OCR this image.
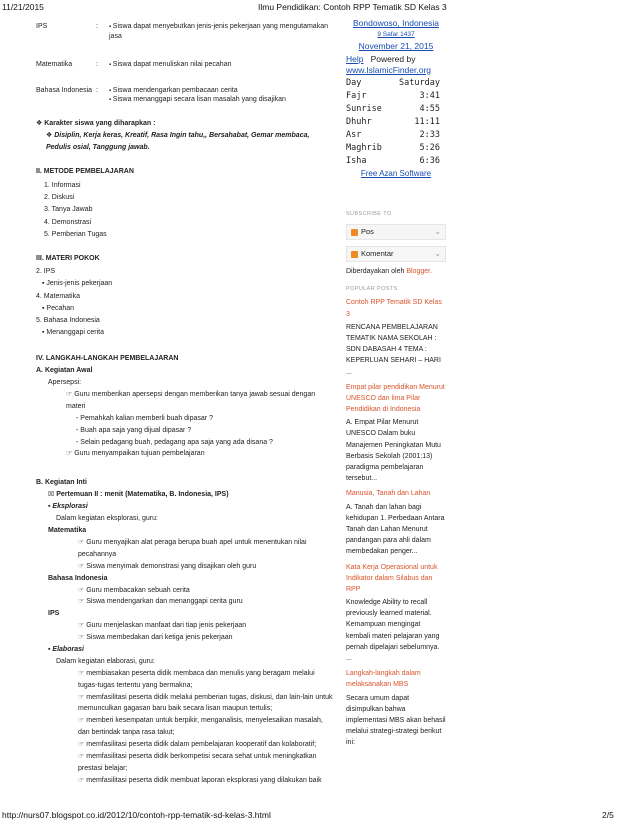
11/21/2015	Ilmu Pendidikan: Contoh RPP Tematik SD Kelas 3
IPS	:	▪ Siswa dapat menyebutkan jenis-jenis pekerjaan yang mengutamakan jasa
Matematika	:	▪ Siswa dapat menuliskan nilai pecahan
Bahasa Indonesia :	▪ Siswa mendengarkan pembacaan cerita
▪ Siswa menanggapi secara lisan masalah yang disajikan
❖ Karakter siswa yang diharapkan :
❖ Disiplin, Kerja keras, Kreatif, Rasa Ingin tahu,, Bersahabat, Gemar membaca, Pedulis osial, Tanggung jawab.
II. METODE PEMBELAJARAN
1. Informasi
2. Diskusi
3. Tanya Jawab
4. Demonstrasi
5. Pemberian Tugas
III. MATERI POKOK
2. IPS
▪ Jenis-jenis pekerjaan
4. Matematika
▪ Pecahan
5. Bahasa Indonesia
▪ Menanggapi cerita
IV. LANGKAH-LANGKAH PEMBELAJARAN
A. Kegiatan Awal
Apersepsi:
☞ Guru memberikan apersepsi dengan memberikan tanya jawab sesuai dengan materi
- Pemahkah kalian memberli buah dipasar ?
- Buah apa saja yang dijual dipasar ?
- Selain pedagang buah, pedagang apa saja yang ada disana ?
☞ Guru menyampaikan tujuan pembelajaran
B. Kegiatan Inti
☒ Pertemuan II : menit (Matematika, B. Indonesia, IPS)
▪ Eksplorasi
Dalam kegiatan eksplorasi, guru:
Matematika
☞ Guru menyajikan alat peraga berupa buah apel untuk menentukan nilai pecahannya
☞ Siswa menyimak demonstrasi yang disajikan oleh guru
Bahasa Indonesia
☞ Guru membacakan sebuah cerita
☞ Siswa mendengarkan dan menanggapi cerita guru
IPS
☞ Guru menjelaskan manfaat dari tiap jenis pekerjaan
☞ Siswa membedakan dari ketiga jenis pekerjaan
▪ Elaborasi
Dalam kegiatan elaborasi, guru:
☞ membiasakan peserta didik membaca dan menulis yang beragam melalui tugas-tugas tertentu yang bermakna;
☞ memfasilitasi peserta didik melalui pemberian tugas, diskusi, dan lain-lain untuk memunculkan gagasan baru baik secara lisan maupun tertulis;
☞ memberi kesempatan untuk berpikir, menganalisis, menyelesaikan masalah, dan bertindak tanpa rasa takut;
☞ memfasilitasi peserta didik dalam pembelajaran kooperatif dan kolaboratif;
☞ memfasilitasi peserta didik berkompetisi secara sehat untuk meningkatkan prestasi belajar;
☞ memfasilitasi peserta didik membuat laporan eksplorasi yang dilakukan baik
Bondowoso, Indonesia
9 Safar 1437
November 21, 2015
Help Powered by
www.IslamicFinder.org
Day	Saturday
Fajr	3:41
Sunrise	4:55
Dhuhr	11:11
Asr	2:33
Maghrib	5:26
Isha	6:36
Free Azan Software
SUBSCRIBE TO
Pos	⌄
Komentar	⌄
Diberdayakan oleh Blogger.
POPULAR POSTS
Contoh RPP Tematik SD Kelas 3
RENCANA PEMBELAJARAN TEMATIK NAMA SEKOLAH : SDN DABASAH 4 TEMA : KEPERLUAN SEHARI – HARI ...
Empat pilar pendidikan Menurut UNESCO dan lima Pilar Pendidikan di Indonesia
A. Empat Pilar Menurut UNESCO Dalam buku Manajemen Peningkatan Mutu Berbasis Sekolah (2001:13) paradigma pembelajaran tersebut...
Manusia, Tanah dan Lahan
A. Tanah dan lahan bagi kehidupan 1. Perbedaan Antara Tanah dan Lahan Menurut pandangan para ahli dalam membedakan penger...
Kata Kerja Operasional untuk Indikator dalam Silabus dan RPP
Knowledge Ability to recall previously learned material. Kemampuan mengingat kembali materi pelajaran yang pernah dipelajari sebelumnya. ...
Langkah-langkah dalam melaksanakan MBS
Secara umum dapat disimpulkan bahwa implementasi MBS akan behasil melalui strategi-strategi berikut ini:
http://nurs07.blogspot.co.id/2012/10/contoh-rpp-tematik-sd-kelas-3.html	2/5
